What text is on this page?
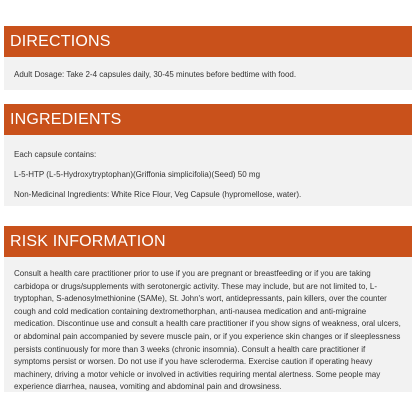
DIRECTIONS

Adult Dosage: Take 2-4 capsules daily, 30-45 minutes before bedtime with food.

INGREDIENTS

Each capsule contains:

L-5-HTP (L-5-Hydroxytryptophan)(Griffonia simplicifolia)(Seed) 50 mg

Non-Medicinal Ingredients: White Rice Flour, Veg Capsule (hypromellose, water).

RISK INFORMATION

Consult a health care practitioner prior to use if you are pregnant or breastfeeding or if you are taking carbidopa or drugs/supplements with serotonergic activity. These may include, but are not limited to, L-tryptophan, S-adenosylmethionine (SAMe), St. John's wort, antidepressants, pain killers, over the counter cough and cold medication containing dextromethorphan, anti-nausea medication and anti-migraine medication. Discontinue use and consult a health care practitioner if you show signs of weakness, oral ulcers, or abdominal pain accompanied by severe muscle pain, or if you experience skin changes or if sleeplessness persists continuously for more than 3 weeks (chronic insomnia). Consult a health care practitioner if symptoms persist or worsen. Do not use if you have scleroderma. Exercise caution if operating heavy machinery, driving a motor vehicle or involved in activities requiring mental alertness. Some people may experience diarrhea, nausea, vomiting and abdominal pain and drowsiness.
